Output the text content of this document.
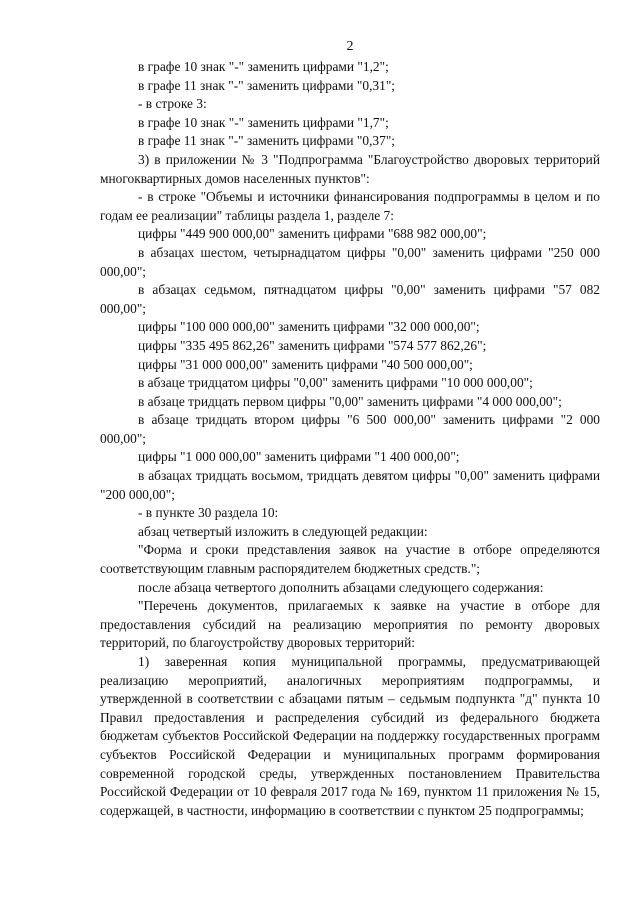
2

в графе 10 знак "-" заменить цифрами "1,2";

в графе 11 знак "-" заменить цифрами "0,31";

- в строке 3:

в графе 10 знак "-" заменить цифрами "1,7";

в графе 11 знак "-" заменить цифрами "0,37";

3) в приложении № 3 "Подпрограмма "Благоустройство дворовых территорий многоквартирных домов населенных пунктов":

- в строке "Объемы и источники финансирования подпрограммы в целом и по годам ее реализации" таблицы раздела 1, разделе 7:

цифры "449 900 000,00" заменить цифрами "688 982 000,00";

в абзацах шестом, четырнадцатом цифры "0,00" заменить цифрами "250 000 000,00";

в абзацах седьмом, пятнадцатом цифры "0,00" заменить цифрами "57 082 000,00";

цифры "100 000 000,00" заменить цифрами "32 000 000,00";

цифры "335 495 862,26" заменить цифрами "574 577 862,26";

цифры "31 000 000,00" заменить цифрами "40 500 000,00";

в абзаце тридцатом цифры "0,00" заменить цифрами "10 000 000,00";

в абзаце тридцать первом цифры "0,00" заменить цифрами "4 000 000,00";

в абзаце тридцать втором цифры "6 500 000,00" заменить цифрами "2 000 000,00";

цифры "1 000 000,00" заменить цифрами "1 400 000,00";

в абзацах тридцать восьмом, тридцать девятом цифры "0,00" заменить цифрами "200 000,00";

- в пункте 30 раздела 10:

абзац четвертый изложить в следующей редакции:

"Форма и сроки представления заявок на участие в отборе определяются соответствующим главным распорядителем бюджетных средств.";

после абзаца четвертого дополнить абзацами следующего содержания:

"Перечень документов, прилагаемых к заявке на участие в отборе для предоставления субсидий на реализацию мероприятия по ремонту дворовых территорий, по благоустройству дворовых территорий:

1) заверенная копия муниципальной программы, предусматривающей реализацию мероприятий, аналогичных мероприятиям подпрограммы, и утвержденной в соответствии с абзацами пятым – седьмым подпункта "д" пункта 10 Правил предоставления и распределения субсидий из федерального бюджета бюджетам субъектов Российской Федерации на поддержку государственных программ субъектов Российской Федерации и муниципальных программ формирования современной городской среды, утвержденных постановлением Правительства Российской Федерации от 10 февраля 2017 года № 169, пунктом 11 приложения № 15, содержащей, в частности, информацию в соответствии с пунктом 25 подпрограммы;
